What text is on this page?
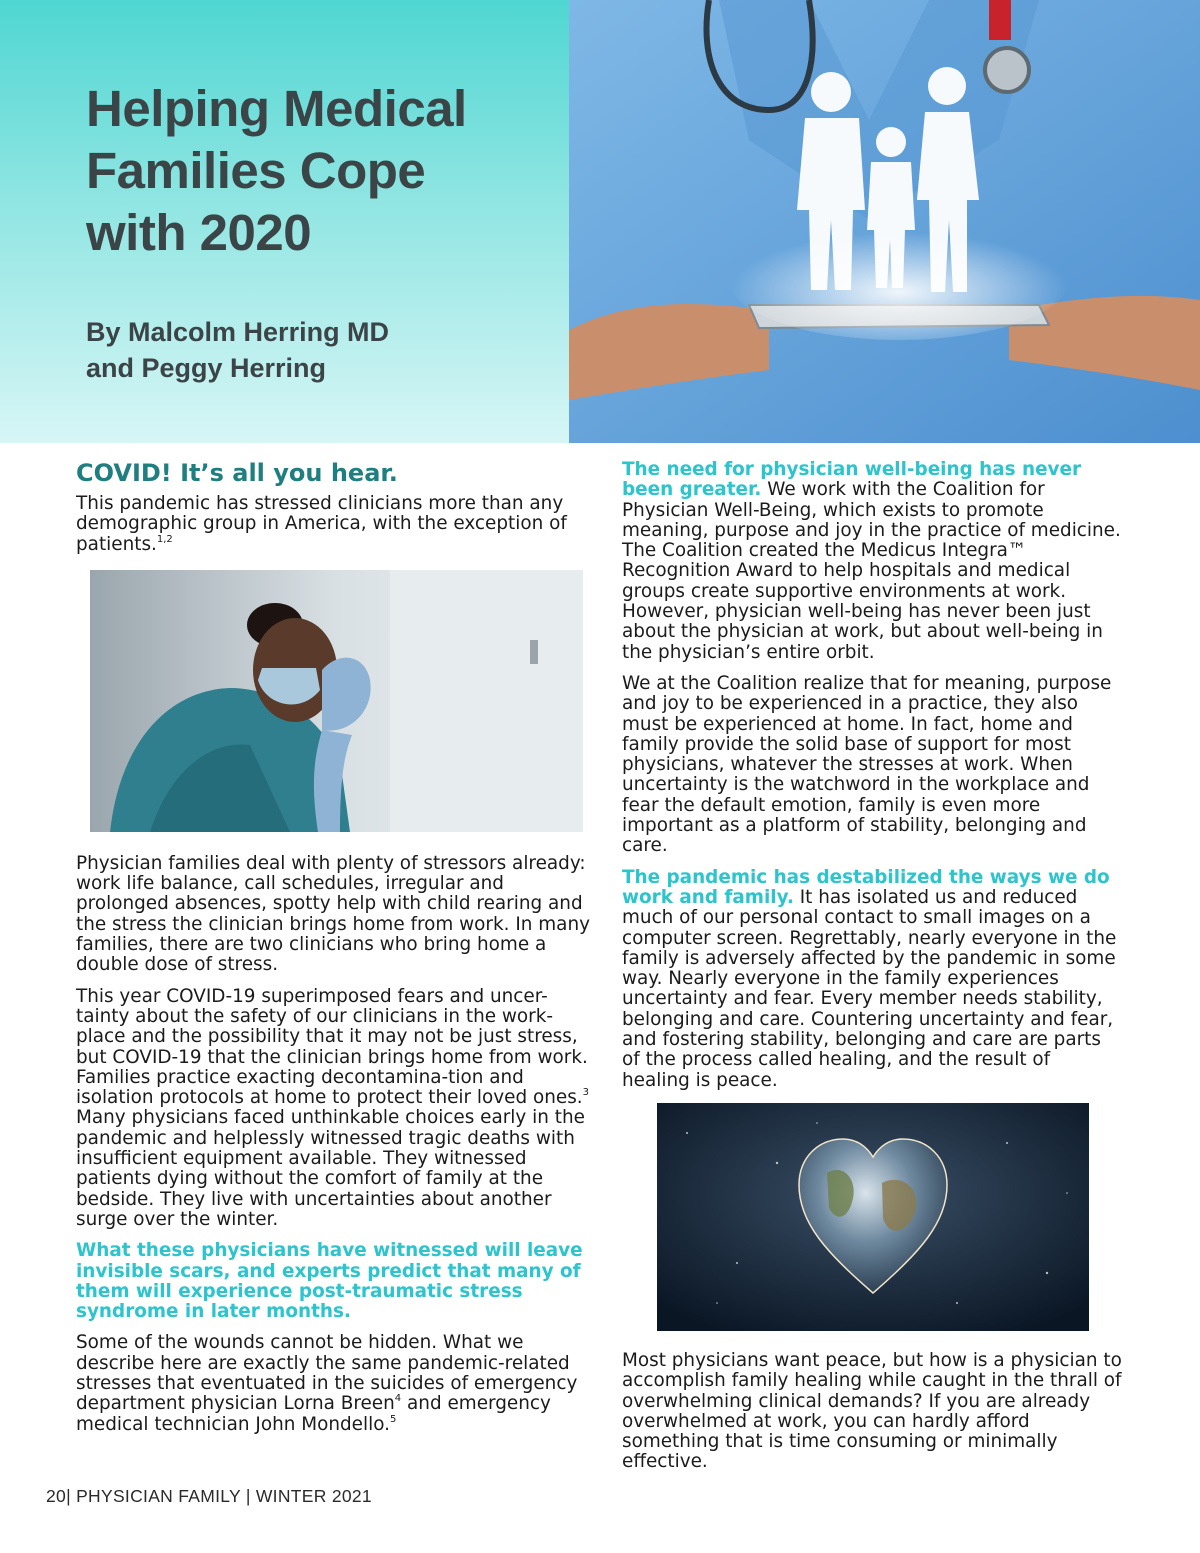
Helping Medical
Families Cope
with 2020
By Malcolm Herring MD
and Peggy Herring
COVID! It’s all you hear.

This pandemic has stressed clinicians more than any demographic group in America, with the exception of patients.$^{1,2}$

Physician families deal with plenty of stressors already: work life balance, call schedules, irregular and prolonged absences, spotty help with child rearing and the stress the clinician brings home from work. In many families, there are two clinicians who bring home a double dose of stress.

This year COVID-19 superimposed fears and uncer-tainty about the safety of our clinicians in the work-place and the possibility that it may not be just stress, but COVID-19 that the clinician brings home from work. Families practice exacting decontamina-tion and isolation protocols at home to protect their loved ones.$^3$ Many physicians faced unthinkable choices early in the pandemic and helplessly witnessed tragic deaths with insufficient equipment available. They witnessed patients dying without the comfort of family at the bedside. They live with uncertainties about another surge over the winter.

What these physicians have witnessed will leave invisible scars, and experts predict that many of them will experience post-traumatic stress syndrome in later months.

Some of the wounds cannot be hidden. What we describe here are exactly the same pandemic-related stresses that eventuated in the suicides of emergency department physician Lorna Breen$^4$ and emergency medical technician John Mondello.$^5$

The need for physician well-being has never been greater. We work with the Coalition for Physician Well-Being, which exists to promote meaning, purpose and joy in the practice of medicine. The Coalition created the Medicus Integra™ Recognition Award to help hospitals and medical groups create supportive environments at work. However, physician well-being has never been just about the physician at work, but about well-being in the physician’s entire orbit.

We at the Coalition realize that for meaning, purpose and joy to be experienced in a practice, they also must be experienced at home. In fact, home and family provide the solid base of support for most physicians, whatever the stresses at work. When uncertainty is the watchword in the workplace and fear the default emotion, family is even more important as a platform of stability, belonging and care.

The pandemic has destabilized the ways we do work and family. It has isolated us and reduced much of our personal contact to small images on a computer screen. Regrettably, nearly everyone in the family is adversely affected by the pandemic in some way. Nearly everyone in the family experiences uncertainty and fear. Every member needs stability, belonging and care. Countering uncertainty and fear, and fostering stability, belonging and care are parts of the process called healing, and the result of healing is peace.

Most physicians want peace, but how is a physician to accomplish family healing while caught in the thrall of overwhelming clinical demands? If you are already overwhelmed at work, you can hardly afford something that is time consuming or minimally effective.

20| PHYSICIAN FAMILY | WINTER 2021
